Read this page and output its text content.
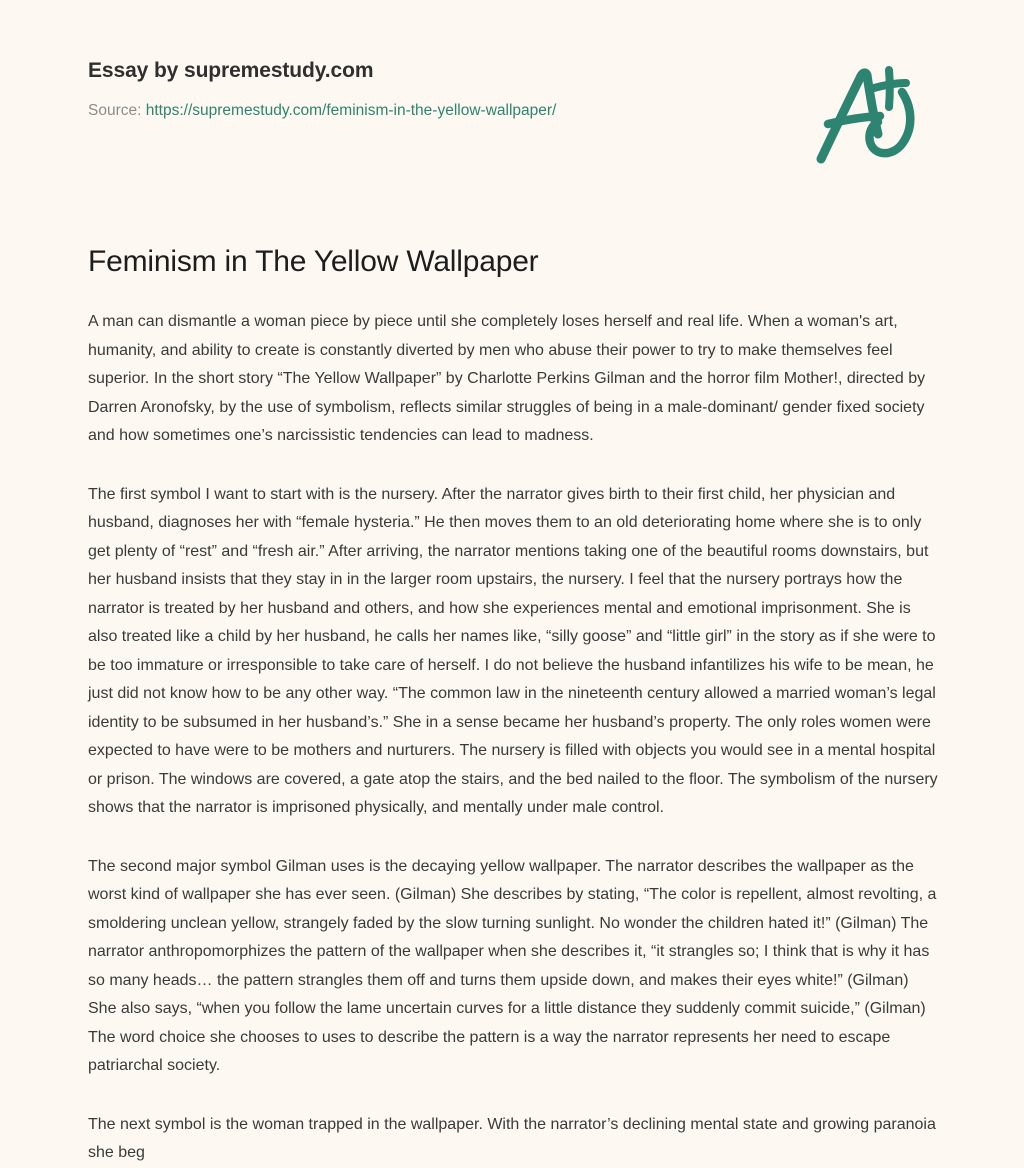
Essay by supremestudy.com
Source: https://supremestudy.com/feminism-in-the-yellow-wallpaper/
Feminism in The Yellow Wallpaper

A man can dismantle a woman piece by piece until she completely loses herself and real life. When a woman's art, humanity, and ability to create is constantly diverted by men who abuse their power to try to make themselves feel superior. In the short story “The Yellow Wallpaper” by Charlotte Perkins Gilman and the horror film Mother!, directed by Darren Aronofsky, by the use of symbolism, reflects similar struggles of being in a male-dominant/ gender fixed society and how sometimes one’s narcissistic tendencies can lead to madness.

The first symbol I want to start with is the nursery. After the narrator gives birth to their first child, her physician and husband, diagnoses her with “female hysteria.” He then moves them to an old deteriorating home where she is to only get plenty of “rest” and “fresh air.” After arriving, the narrator mentions taking one of the beautiful rooms downstairs, but her husband insists that they stay in in the larger room upstairs, the nursery. I feel that the nursery portrays how the narrator is treated by her husband and others, and how she experiences mental and emotional imprisonment. She is also treated like a child by her husband, he calls her names like, “silly goose” and “little girl” in the story as if she were to be too immature or irresponsible to take care of herself. I do not believe the husband infantilizes his wife to be mean, he just did not know how to be any other way. “The common law in the nineteenth century allowed a married woman’s legal identity to be subsumed in her husband’s.” She in a sense became her husband’s property. The only roles women were expected to have were to be mothers and nurturers. The nursery is filled with objects you would see in a mental hospital or prison. The windows are covered, a gate atop the stairs, and the bed nailed to the floor. The symbolism of the nursery shows that the narrator is imprisoned physically, and mentally under male control.

The second major symbol Gilman uses is the decaying yellow wallpaper. The narrator describes the wallpaper as the worst kind of wallpaper she has ever seen. (Gilman) She describes by stating, “The color is repellent, almost revolting, a smoldering unclean yellow, strangely faded by the slow turning sunlight. No wonder the children hated it!” (Gilman) The narrator anthropomorphizes the pattern of the wallpaper when she describes it, “it strangles so; I think that is why it has so many heads… the pattern strangles them off and turns them upside down, and makes their eyes white!” (Gilman) She also says, “when you follow the lame uncertain curves for a little distance they suddenly commit suicide,” (Gilman) The word choice she chooses to uses to describe the pattern is a way the narrator represents her need to escape patriarchal society.

The next symbol is the woman trapped in the wallpaper. With the narrator’s declining mental state and growing paranoia she beg
